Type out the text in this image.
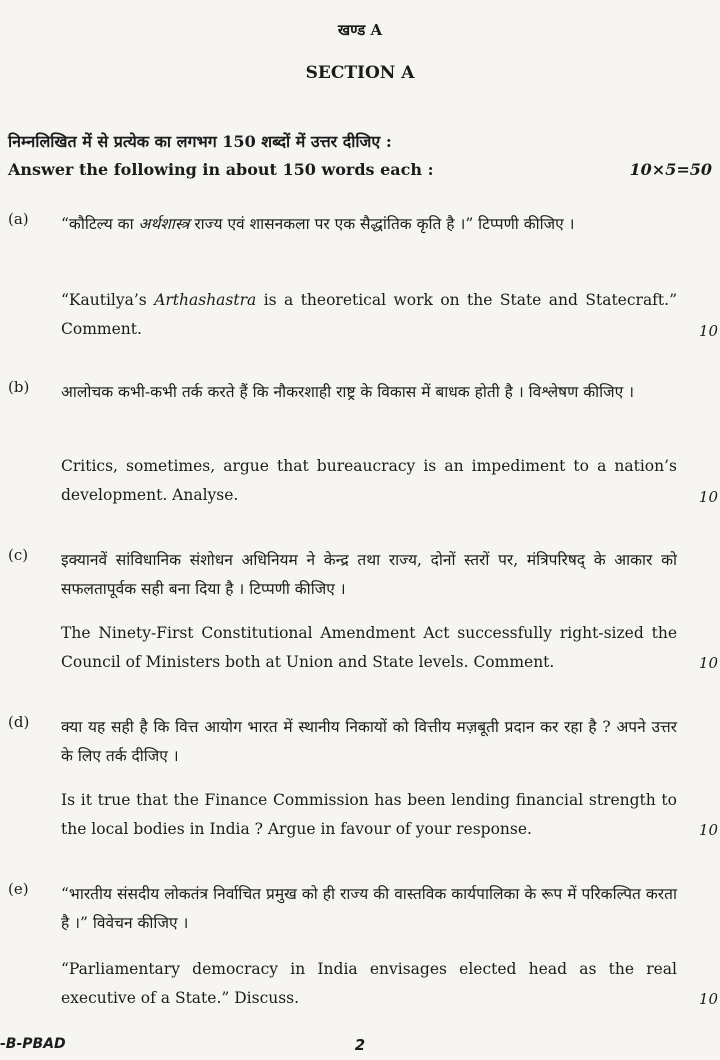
खण्ड A
SECTION A
निम्नलिखित में से प्रत्येक का लगभग 150 शब्दों में उत्तर दीजिए :
Answer the following in about 150 words each :	10×5=50
(a) “कौटिल्य का अर्थशास्त्र राज्य एवं शासनकला पर एक सैद्धांतिक कृति है ।” टिप्पणी कीजिए ।
“Kautilya’s Arthashastra is a theoretical work on the State and Statecraft.” Comment.	10
(b) आलोचक कभी-कभी तर्क करते हैं कि नौकरशाही राष्ट्र के विकास में बाधक होती है । विश्लेषण कीजिए ।
Critics, sometimes, argue that bureaucracy is an impediment to a nation’s development. Analyse.	10
(c) इक्यानवें सांविधानिक संशोधन अधिनियम ने केन्द्र तथा राज्य, दोनों स्तरों पर, मंत्रिपरिषद् के आकार को सफलतापूर्वक सही बना दिया है । टिप्पणी कीजिए ।
The Ninety-First Constitutional Amendment Act successfully right-sized the Council of Ministers both at Union and State levels. Comment.	10
(d) क्या यह सही है कि वित्त आयोग भारत में स्थानीय निकायों को वित्तीय मज़बूती प्रदान कर रहा है ? अपने उत्तर के लिए तर्क दीजिए ।
Is it true that the Finance Commission has been lending financial strength to the local bodies in India ? Argue in favour of your response.	10
(e) “भारतीय संसदीय लोकतंत्र निर्वाचित प्रमुख को ही राज्य की वास्तविक कार्यपालिका के रूप में परिकल्पित करता है ।” विवेचन कीजिए ।
“Parliamentary democracy in India envisages elected head as the real executive of a State.” Discuss.	10
-B-PBAD	2
